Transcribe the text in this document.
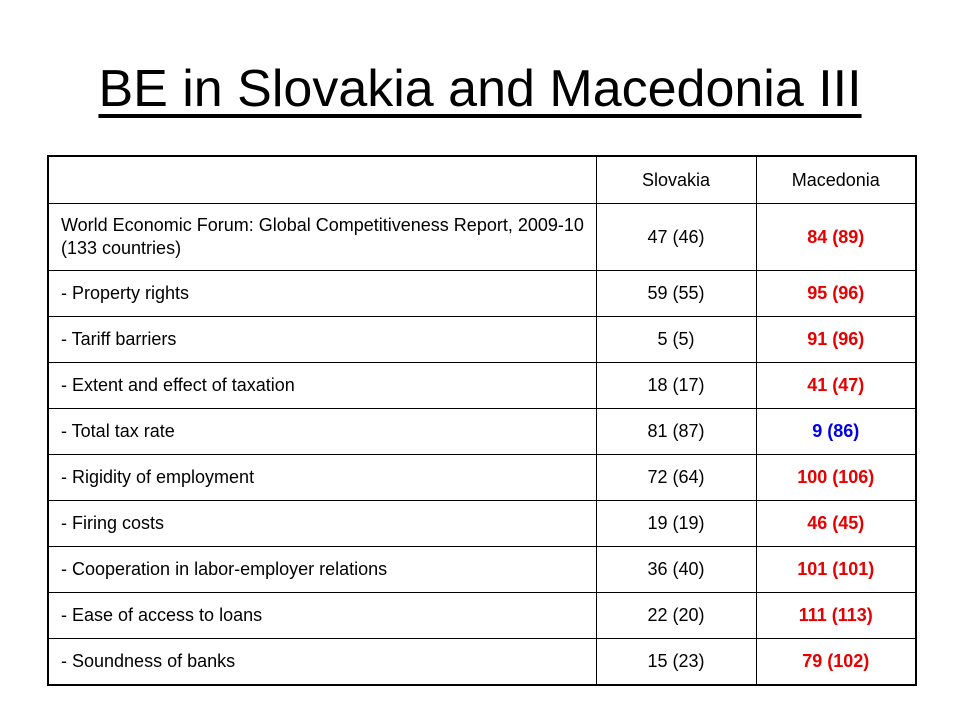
BE in Slovakia and Macedonia III
	Slovakia	Macedonia
World Economic Forum: Global Competitiveness Report, 2009-10 (133 countries)	47 (46)	84 (89)
- Property rights	59 (55)	95 (96)
- Tariff barriers	5 (5)	91 (96)
- Extent and effect of taxation	18 (17)	41 (47)
- Total tax rate	81 (87)	9 (86)
- Rigidity of employment	72 (64)	100 (106)
- Firing costs	19 (19)	46 (45)
- Cooperation in labor-employer relations	36 (40)	101 (101)
- Ease of access to loans	22 (20)	111 (113)
- Soundness of banks	15 (23)	79 (102)
